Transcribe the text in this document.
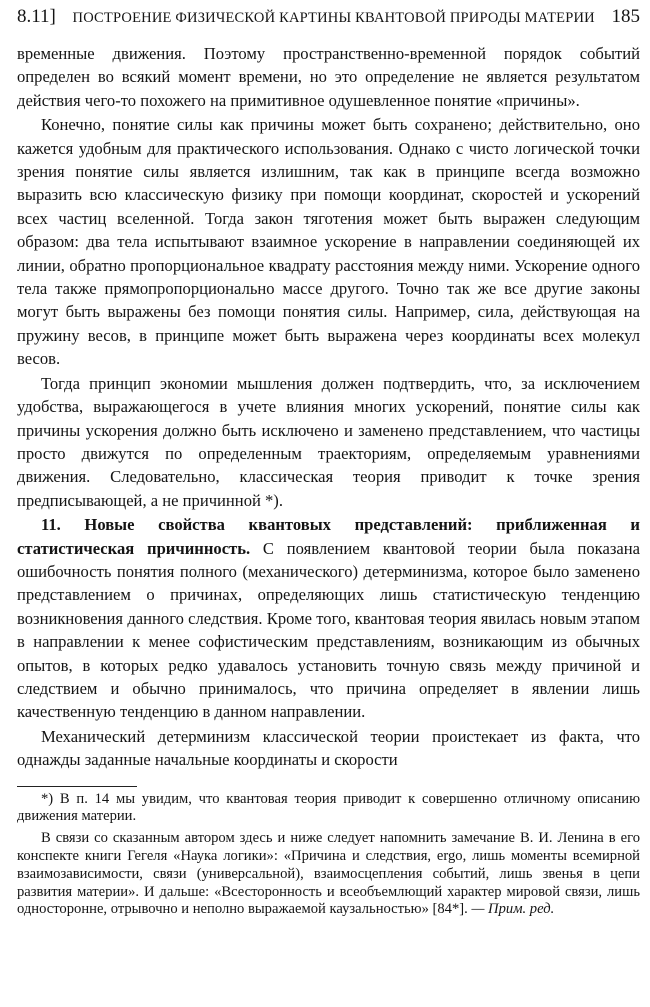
8.11]	ПОСТРОЕНИЕ ФИЗИЧЕСКОЙ КАРТИНЫ КВАНТОВОЙ ПРИРОДЫ МАТЕРИИ 185

временные движения. Поэтому пространственно-временной порядок событий определен во всякий момент времени, но это определение не является результатом действия чего-то похожего на примитивное одушевленное понятие «причины».

Конечно, понятие силы как причины может быть сохранено; действительно, оно кажется удобным для практического использования. Однако с чисто логической точки зрения понятие силы является излишним, так как в принципе всегда возможно выразить всю классическую физику при помощи координат, скоростей и ускорений всех частиц вселенной. Тогда закон тяготения может быть выражен следующим образом: два тела испытывают взаимное ускорение в направлении соединяющей их линии, обратно пропорциональное квадрату расстояния между ними. Ускорение одного тела также прямопропорционально массе другого. Точно так же все другие законы могут быть выражены без помощи понятия силы. Например, сила, действующая на пружину весов, в принципе может быть выражена через координаты всех молекул весов.

Тогда принцип экономии мышления должен подтвердить, что, за исключением удобства, выражающегося в учете влияния многих ускорений, понятие силы как причины ускорения должно быть исключено и заменено представлением, что частицы просто движутся по определенным траекториям, определяемым уравнениями движения. Следовательно, классическая теория приводит к точке зрения предписывающей, а не причинной *).

11. Новые свойства квантовых представлений: приближенная и статистическая причинность. С появлением квантовой теории была показана ошибочность понятия полного (механического) детерминизма, которое было заменено представлением о причинах, определяющих лишь статистическую тенденцию возникновения данного следствия. Кроме того, квантовая теория явилась новым этапом в направлении к менее софистическим представлениям, возникающим из обычных опытов, в которых редко удавалось установить точную связь между причиной и следствием и обычно принималось, что причина определяет в явлении лишь качественную тенденцию в данном направлении.

Механический детерминизм классической теории проистекает из факта, что однажды заданные начальные координаты и скорости

*) В п. 14 мы увидим, что квантовая теория приводит к совершенно отличному описанию движения материи.

В связи со сказанным автором здесь и ниже следует напомнить замечание В. И. Ленина в его конспекте книги Гегеля «Наука логики»: «Причина и следствия, ergo, лишь моменты всемирной взаимозависимости, связи (универсальной), взаимосцепления событий, лишь звенья в цепи развития материи». И дальше: «Всесторонность и всеобъемлющий характер мировой связи, лишь односторонне, отрывочно и неполно выражаемой каузальностью» [84*]. — Прим. ред.
